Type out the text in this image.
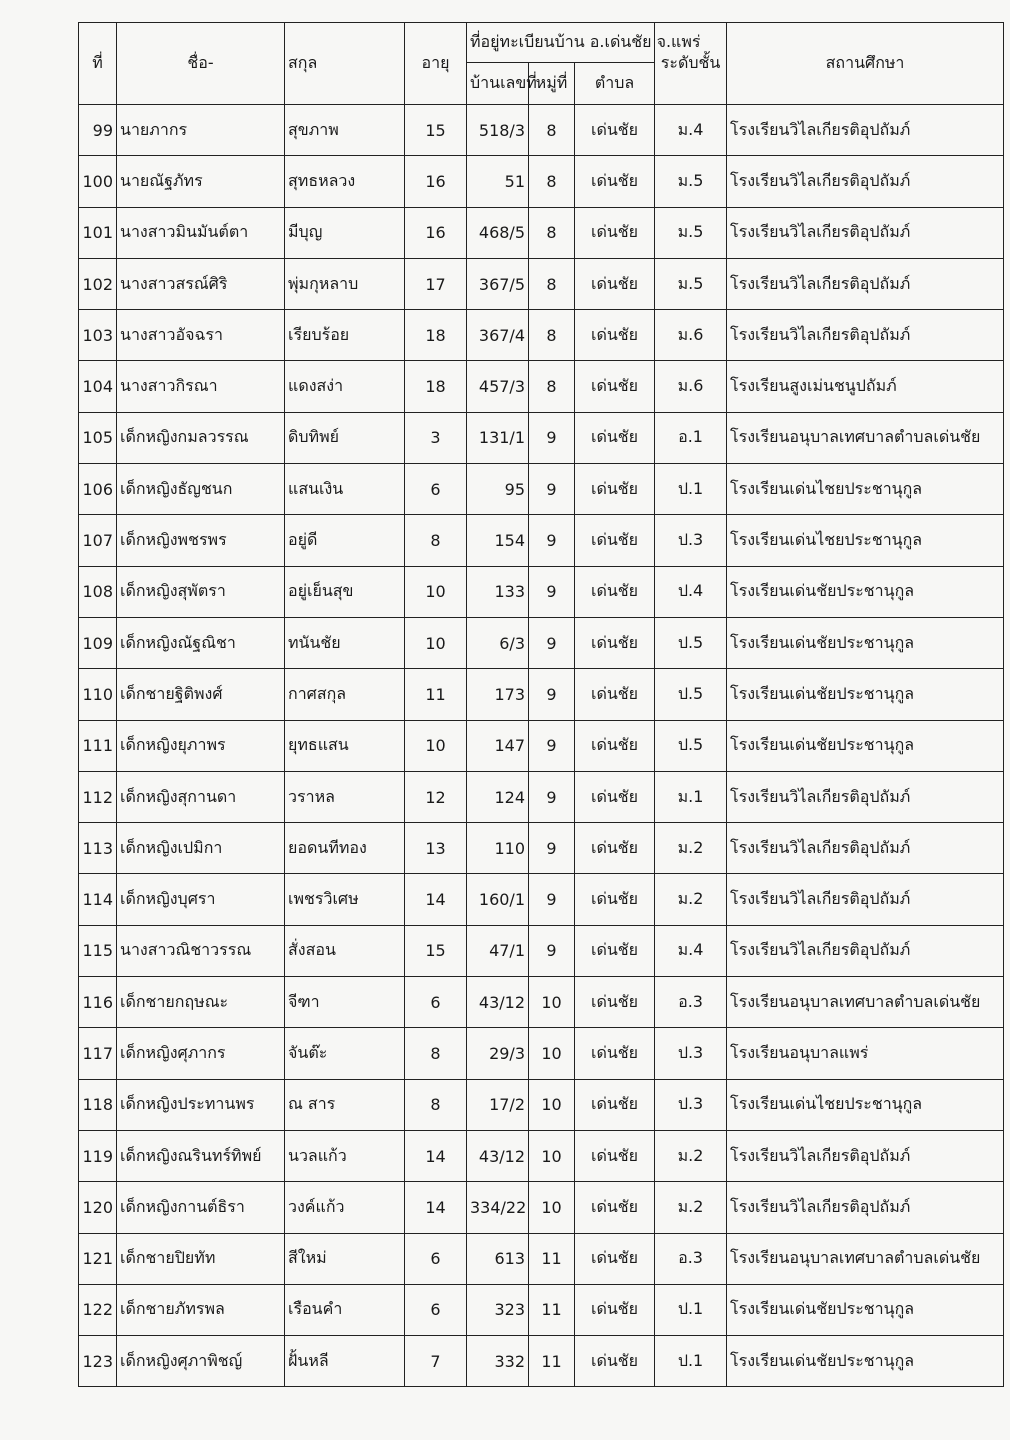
ที่	ชื่อ-	สกุล	อายุ	ที่อยู่ทะเบียนบ้าน อ.เด่นชัย จ.แพร่			ระดับชั้น	สถานศึกษา
				บ้านเลขที่	หมู่ที่	ตำบล		
99	นายภากร	สุขภาพ	15	518/3	8	เด่นชัย	ม.4	โรงเรียนวิไลเกียรติอุปถัมภ์
100	นายณัฐภัทร	สุทธหลวง	16	51	8	เด่นชัย	ม.5	โรงเรียนวิไลเกียรติอุปถัมภ์
101	นางสาวมินมันต์ตา	มีบุญ	16	468/5	8	เด่นชัย	ม.5	โรงเรียนวิไลเกียรติอุปถัมภ์
102	นางสาวสรณ์ศิริ	พุ่มกุหลาบ	17	367/5	8	เด่นชัย	ม.5	โรงเรียนวิไลเกียรติอุปถัมภ์
103	นางสาวอัจฉรา	เรียบร้อย	18	367/4	8	เด่นชัย	ม.6	โรงเรียนวิไลเกียรติอุปถัมภ์
104	นางสาวกิรณา	แดงสง่า	18	457/3	8	เด่นชัย	ม.6	โรงเรียนสูงเม่นชนูปถัมภ์
105	เด็กหญิงกมลวรรณ	ดิบทิพย์	3	131/1	9	เด่นชัย	อ.1	โรงเรียนอนุบาลเทศบาลตำบลเด่นชัย
106	เด็กหญิงธัญชนก	แสนเงิน	6	95	9	เด่นชัย	ป.1	โรงเรียนเด่นไชยประชานุกูล
107	เด็กหญิงพชรพร	อยู่ดี	8	154	9	เด่นชัย	ป.3	โรงเรียนเด่นไชยประชานุกูล
108	เด็กหญิงสุพัตรา	อยู่เย็นสุข	10	133	9	เด่นชัย	ป.4	โรงเรียนเด่นชัยประชานุกูล
109	เด็กหญิงณัฐณิชา	ทนันชัย	10	6/3	9	เด่นชัย	ป.5	โรงเรียนเด่นชัยประชานุกูล
110	เด็กชายฐิติพงศ์	กาศสกุล	11	173	9	เด่นชัย	ป.5	โรงเรียนเด่นชัยประชานุกูล
111	เด็กหญิงยุภาพร	ยุทธแสน	10	147	9	เด่นชัย	ป.5	โรงเรียนเด่นชัยประชานุกูล
112	เด็กหญิงสุกานดา	วราหล	12	124	9	เด่นชัย	ม.1	โรงเรียนวิไลเกียรติอุปถัมภ์
113	เด็กหญิงเปมิกา	ยอดนทีทอง	13	110	9	เด่นชัย	ม.2	โรงเรียนวิไลเกียรติอุปถัมภ์
114	เด็กหญิงบุศรา	เพชรวิเศษ	14	160/1	9	เด่นชัย	ม.2	โรงเรียนวิไลเกียรติอุปถัมภ์
115	นางสาวณิชาวรรณ	สั่งสอน	15	47/1	9	เด่นชัย	ม.4	โรงเรียนวิไลเกียรติอุปถัมภ์
116	เด็กชายกฤษณะ	จีฑา	6	43/12	10	เด่นชัย	อ.3	โรงเรียนอนุบาลเทศบาลตำบลเด่นชัย
117	เด็กหญิงศุภากร	จันต๊ะ	8	29/3	10	เด่นชัย	ป.3	โรงเรียนอนุบาลแพร่
118	เด็กหญิงประทานพร	ณ สาร	8	17/2	10	เด่นชัย	ป.3	โรงเรียนเด่นไชยประชานุกูล
119	เด็กหญิงณรินทร์ทิพย์	นวลแก้ว	14	43/12	10	เด่นชัย	ม.2	โรงเรียนวิไลเกียรติอุปถัมภ์
120	เด็กหญิงกานต์ธิรา	วงค์แก้ว	14	334/22	10	เด่นชัย	ม.2	โรงเรียนวิไลเกียรติอุปถัมภ์
121	เด็กชายปิยทัท	สีใหม่	6	613	11	เด่นชัย	อ.3	โรงเรียนอนุบาลเทศบาลตำบลเด่นชัย
122	เด็กชายภัทรพล	เรือนคำ	6	323	11	เด่นชัย	ป.1	โรงเรียนเด่นชัยประชานุกูล
123	เด็กหญิงศุภาพิชญ์	ฝั้นหลี	7	332	11	เด่นชัย	ป.1	โรงเรียนเด่นชัยประชานุกูล
